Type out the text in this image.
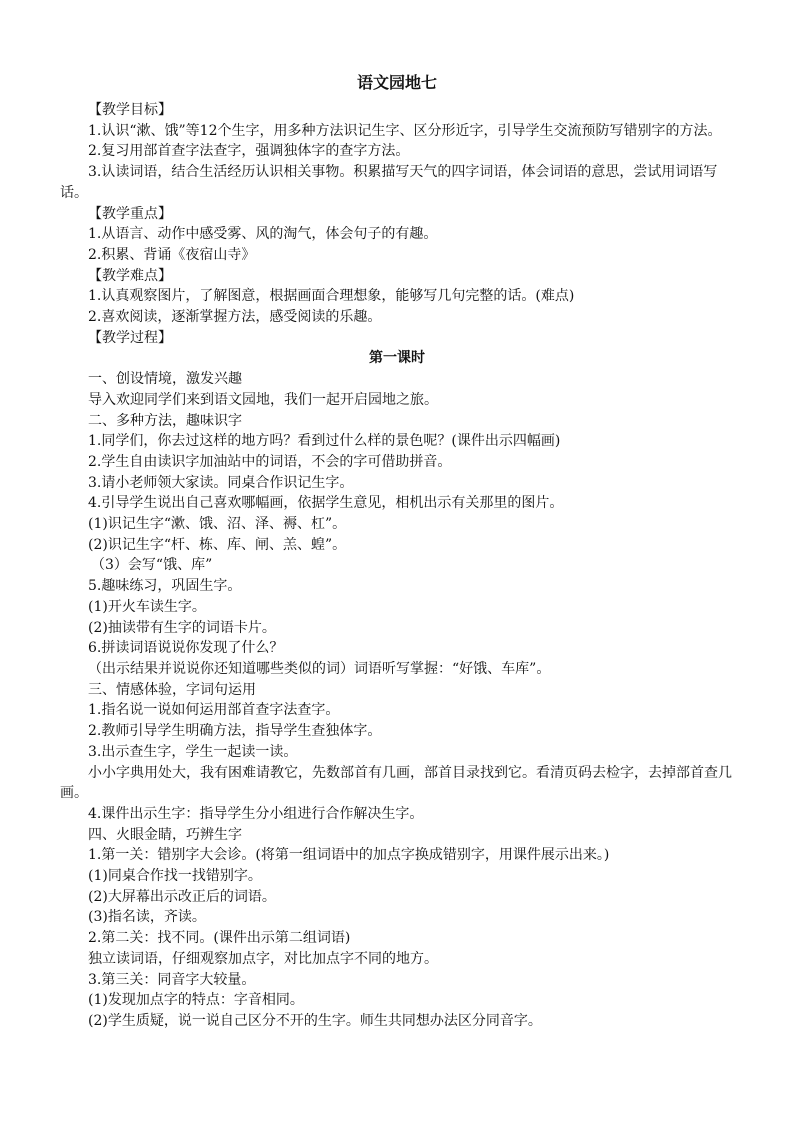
语文园地七
【教学目标】
1.认识“漱、饿”等12个生字，用多种方法识记生字、区分形近字，引导学生交流预防写错别字的方法。
2.复习用部首查字法查字，强调独体字的查字方法。
3.认读词语，结合生活经历认识相关事物。积累描写天气的四字词语，体会词语的意思，尝试用词语写话。
【教学重点】
1.从语言、动作中感受雾、风的淘气，体会句子的有趣。
2.积累、背诵《夜宿山寺》
【教学难点】
1.认真观察图片，了解图意，根据画面合理想象，能够写几句完整的话。(难点)
2.喜欢阅读，逐渐掌握方法，感受阅读的乐趣。
【教学过程】
第一课时
一、创设情境，激发兴趣
导入欢迎同学们来到语文园地，我们一起开启园地之旅。
二、多种方法，趣味识字
1.同学们，你去过这样的地方吗？看到过什么样的景色呢？(课件出示四幅画)
2.学生自由读识字加油站中的词语，不会的字可借助拼音。
3.请小老师领大家读。同桌合作识记生字。
4.引导学生说出自己喜欢哪幅画，依据学生意见，相机出示有关那里的图片。
(1)识记生字“漱、饿、沼、泽、褥、杠”。
(2)识记生字“杆、栋、库、闸、羔、蝗”。
（3）会写“饿、库”
5.趣味练习，巩固生字。
(1)开火车读生字。
(2)抽读带有生字的词语卡片。
6.拼读词语说说你发现了什么？
（出示结果并说说你还知道哪些类似的词）词语听写掌握：“好饿、车库”。
三、情感体验，字词句运用
1.指名说一说如何运用部首查字法查字。
2.教师引导学生明确方法，指导学生查独体字。
3.出示查生字，学生一起读一读。
小小字典用处大，我有困难请教它，先数部首有几画，部首目录找到它。看清页码去检字，去掉部首查几画。
4.课件出示生字：指导学生分小组进行合作解决生字。
四、火眼金睛，巧辨生字
1.第一关：错别字大会诊。(将第一组词语中的加点字换成错别字，用课件展示出来。)
(1)同桌合作找一找错别字。
(2)大屏幕出示改正后的词语。
(3)指名读，齐读。
2.第二关：找不同。(课件出示第二组词语)
独立读词语，仔细观察加点字，对比加点字不同的地方。
3.第三关：同音字大较量。
(1)发现加点字的特点：字音相同。
(2)学生质疑，说一说自己区分不开的生字。师生共同想办法区分同音字。
